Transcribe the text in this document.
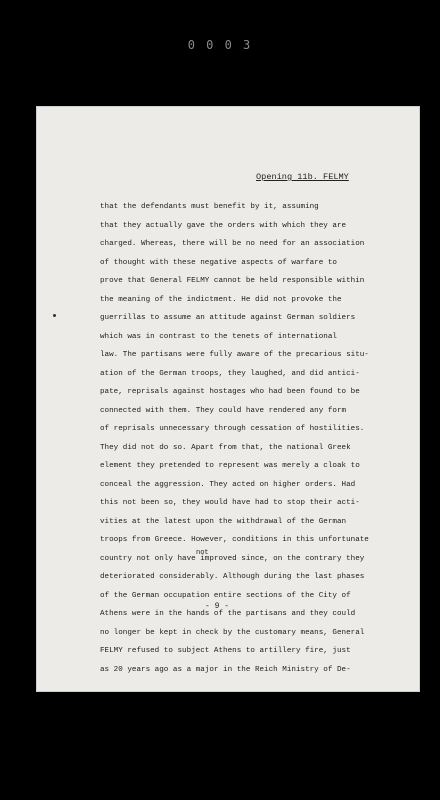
0 0 0 3
Opening 11b. FELMY
that the defendants must benefit by it, assuming
that they actually gave the orders with which they are
charged. Whereas, there will be no need for an association
of thought with these negative aspects of warfare to
prove that General FELMY cannot be held responsible within
the meaning of the indictment. He did not provoke the
guerrillas to assume an attitude against German soldiers
which was in contrast to the tenets of international
law. The partisans were fully aware of the precarious situ-
ation of the German troops, they laughed, and did antici-
pate, reprisals against hostages who had been found to be
connected with them. They could have rendered any form
of reprisals unnecessary through cessation of hostilities.
They did not do so. Apart from that, the national Greek
element they pretended to represent was merely a cloak to
conceal the aggression. They acted on higher orders. Had
this not been so, they would have had to stop their acti-
vities at the latest upon the withdrawal of the German
troops from Greece. However, conditions in this unfortunate
country not only have improved since, on the contrary they
not
deteriorated considerably. Although during the last phases
of the German occupation entire sections of the City of
Athens were in the hands of the partisans and they could
no longer be kept in check by the customary means, General
FELMY refused to subject Athens to artillery fire, just
as 20 years ago as a major in the Reich Ministry of De-
- 9 -
